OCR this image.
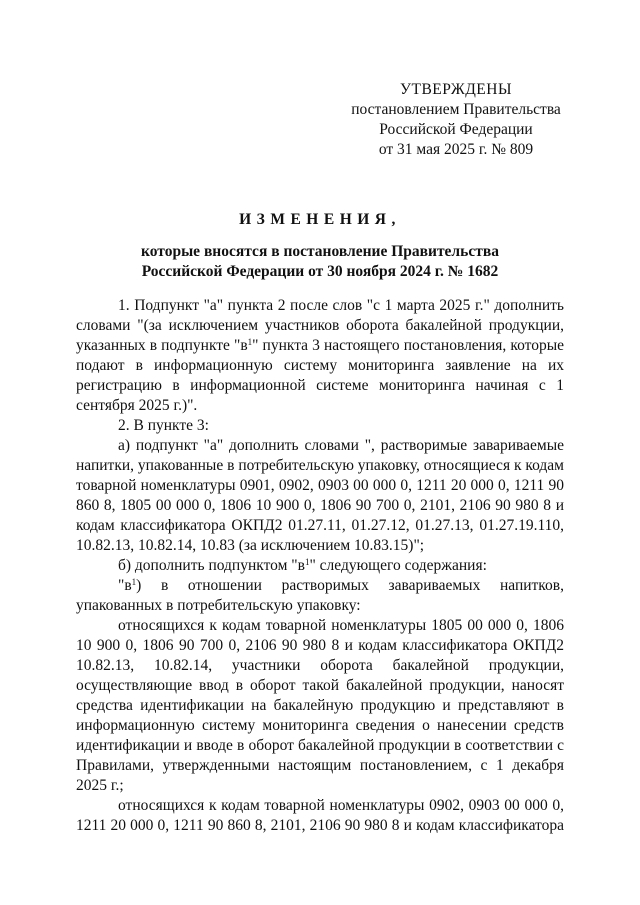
УТВЕРЖДЕНЫ
постановлением Правительства
Российской Федерации
от 31 мая 2025 г. № 809
ИЗМЕНЕНИЯ,
которые вносятся в постановление Правительства
Российской Федерации от 30 ноября 2024 г. № 1682

1. Подпункт "а" пункта 2 после слов "с 1 марта 2025 г." дополнить словами "(за исключением участников оборота бакалейной продукции, указанных в подпункте "$в^1$" пункта 3 настоящего постановления, которые подают в информационную систему мониторинга заявление на их регистрацию в информационной системе мониторинга начиная с 1 сентября 2025 г.)".

2. В пункте 3:

а) подпункт "а" дополнить словами ", растворимые завариваемые напитки, упакованные в потребительскую упаковку, относящиеся к кодам товарной номенклатуры 0901, 0902, 0903 00 000 0, 1211 20 000 0, 1211 90 860 8, 1805 00 000 0, 1806 10 900 0, 1806 90 700 0, 2101, 2106 90 980 8 и кодам классификатора ОКПД2 01.27.11, 01.27.12, 01.27.13, 01.27.19.110, 10.82.13, 10.82.14, 10.83 (за исключением 10.83.15)";

б) дополнить подпунктом "$в^1$" следующего содержания:

"$в^1$) в отношении растворимых завариваемых напитков, упакованных в потребительскую упаковку:

относящихся к кодам товарной номенклатуры 1805 00 000 0, 1806 10 900 0, 1806 90 700 0, 2106 90 980 8 и кодам классификатора ОКПД2 10.82.13, 10.82.14, участники оборота бакалейной продукции, осуществляющие ввод в оборот такой бакалейной продукции, наносят средства идентификации на бакалейную продукцию и представляют в информационную систему мониторинга сведения о нанесении средств идентификации и вводе в оборот бакалейной продукции в соответствии с Правилами, утвержденными настоящим постановлением, с 1 декабря 2025 г.;

относящихся к кодам товарной номенклатуры 0902, 0903 00 000 0, 1211 20 000 0, 1211 90 860 8, 2101, 2106 90 980 8 и кодам классификатора
